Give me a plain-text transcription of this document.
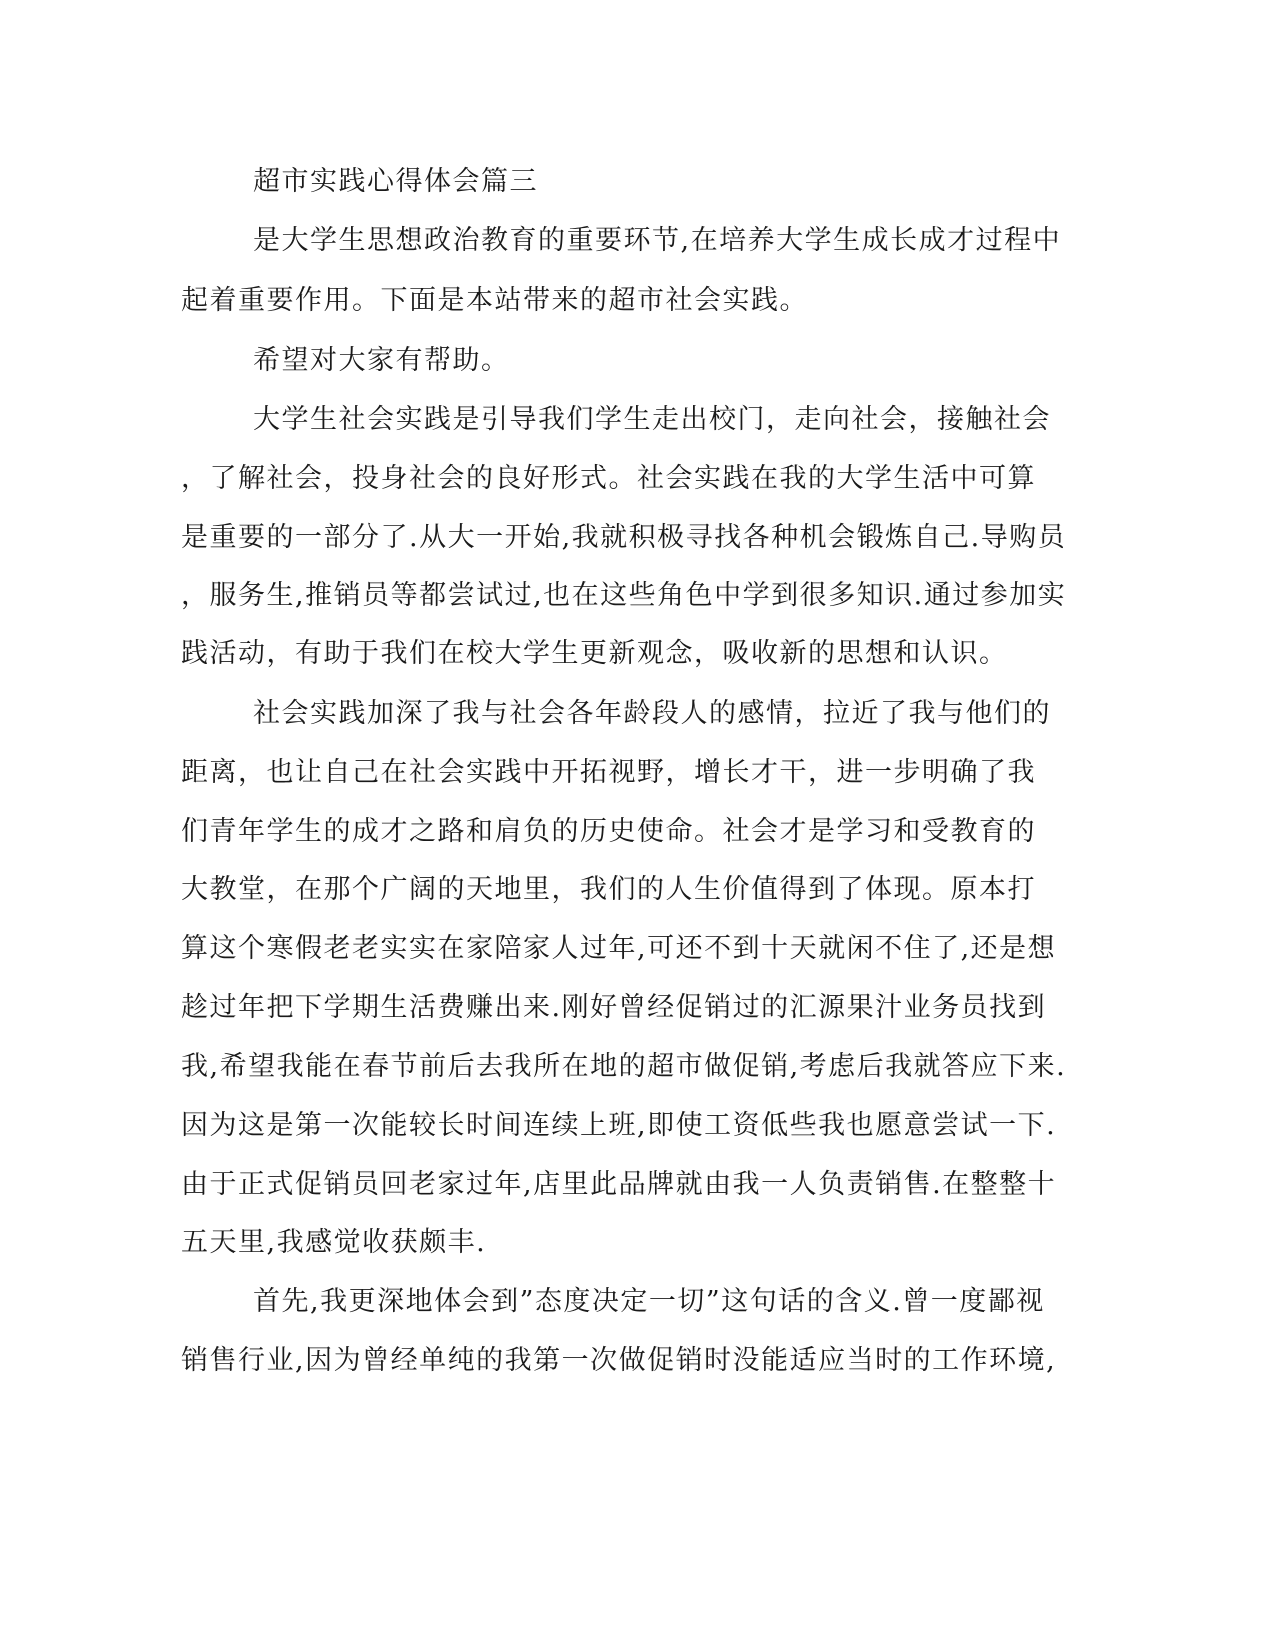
超市实践心得体会篇三
是大学生思想政治教育的重要环节,在培养大学生成长成才过程中
起着重要作用。下面是本站带来的超市社会实践。
希望对大家有帮助。
大学生社会实践是引导我们学生走出校门，走向社会，接触社会
，了解社会，投身社会的良好形式。社会实践在我的大学生活中可算
是重要的一部分了.从大一开始,我就积极寻找各种机会锻炼自己.导购员
，服务生,推销员等都尝试过,也在这些角色中学到很多知识.通过参加实
践活动，有助于我们在校大学生更新观念，吸收新的思想和认识。
社会实践加深了我与社会各年龄段人的感情，拉近了我与他们的
距离，也让自己在社会实践中开拓视野，增长才干，进一步明确了我
们青年学生的成才之路和肩负的历史使命。社会才是学习和受教育的
大教堂，在那个广阔的天地里，我们的人生价值得到了体现。原本打
算这个寒假老老实实在家陪家人过年,可还不到十天就闲不住了,还是想
趁过年把下学期生活费赚出来.刚好曾经促销过的汇源果汁业务员找到
我,希望我能在春节前后去我所在地的超市做促销,考虑后我就答应下来.
因为这是第一次能较长时间连续上班,即使工资低些我也愿意尝试一下.
由于正式促销员回老家过年,店里此品牌就由我一人负责销售.在整整十
五天里,我感觉收获颇丰.
首先,我更深地体会到”态度决定一切”这句话的含义.曾一度鄙视
销售行业,因为曾经单纯的我第一次做促销时没能适应当时的工作环境,
